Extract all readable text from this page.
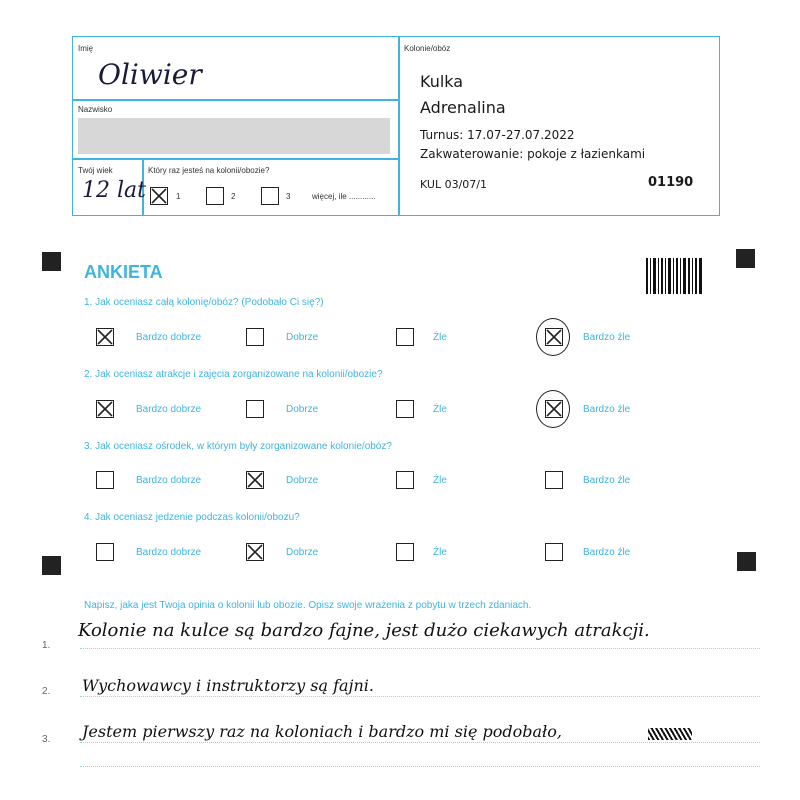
Imię
Oliwier
Nazwisko
Twój wiek
12 lat
Który raz jesteś na kolonii/obozie?
1	2	3	więcej, ile ............
Kolonie/obóz
Kulka
Adrenalina
Turnus: 17.07-27.07.2022
Zakwaterowanie: pokoje z łazienkami
KUL 03/07/1	01190
ANKIETA
1. Jak oceniasz całą kolonię/obóz? (Podobało Ci się?)
Bardzo dobrze	Dobrze	Źle	Bardzo źle
2. Jak oceniasz atrakcje i zajęcia zorganizowane na kolonii/obozie?
Bardzo dobrze	Dobrze	Źle	Bardzo źle
3. Jak oceniasz ośrodek, w którym były zorganizowane kolonie/obóz?
Bardzo dobrze	Dobrze	Źle	Bardzo źle
4. Jak oceniasz jedzenie podczas kolonii/obozu?
Bardzo dobrze	Dobrze	Źle	Bardzo źle
Napisz, jaka jest Twoja opinia o kolonii lub obozie. Opisz swoje wrażenia z pobytu w trzech zdaniach.
1.
Kolonie na kulce są bardzo fajne, jest dużo ciekawych atrakcji.
2. Wychowawcy i instruktorzy są fajni.
3. Jestem pierwszy raz na koloniach i bardzo mi się podobało,
